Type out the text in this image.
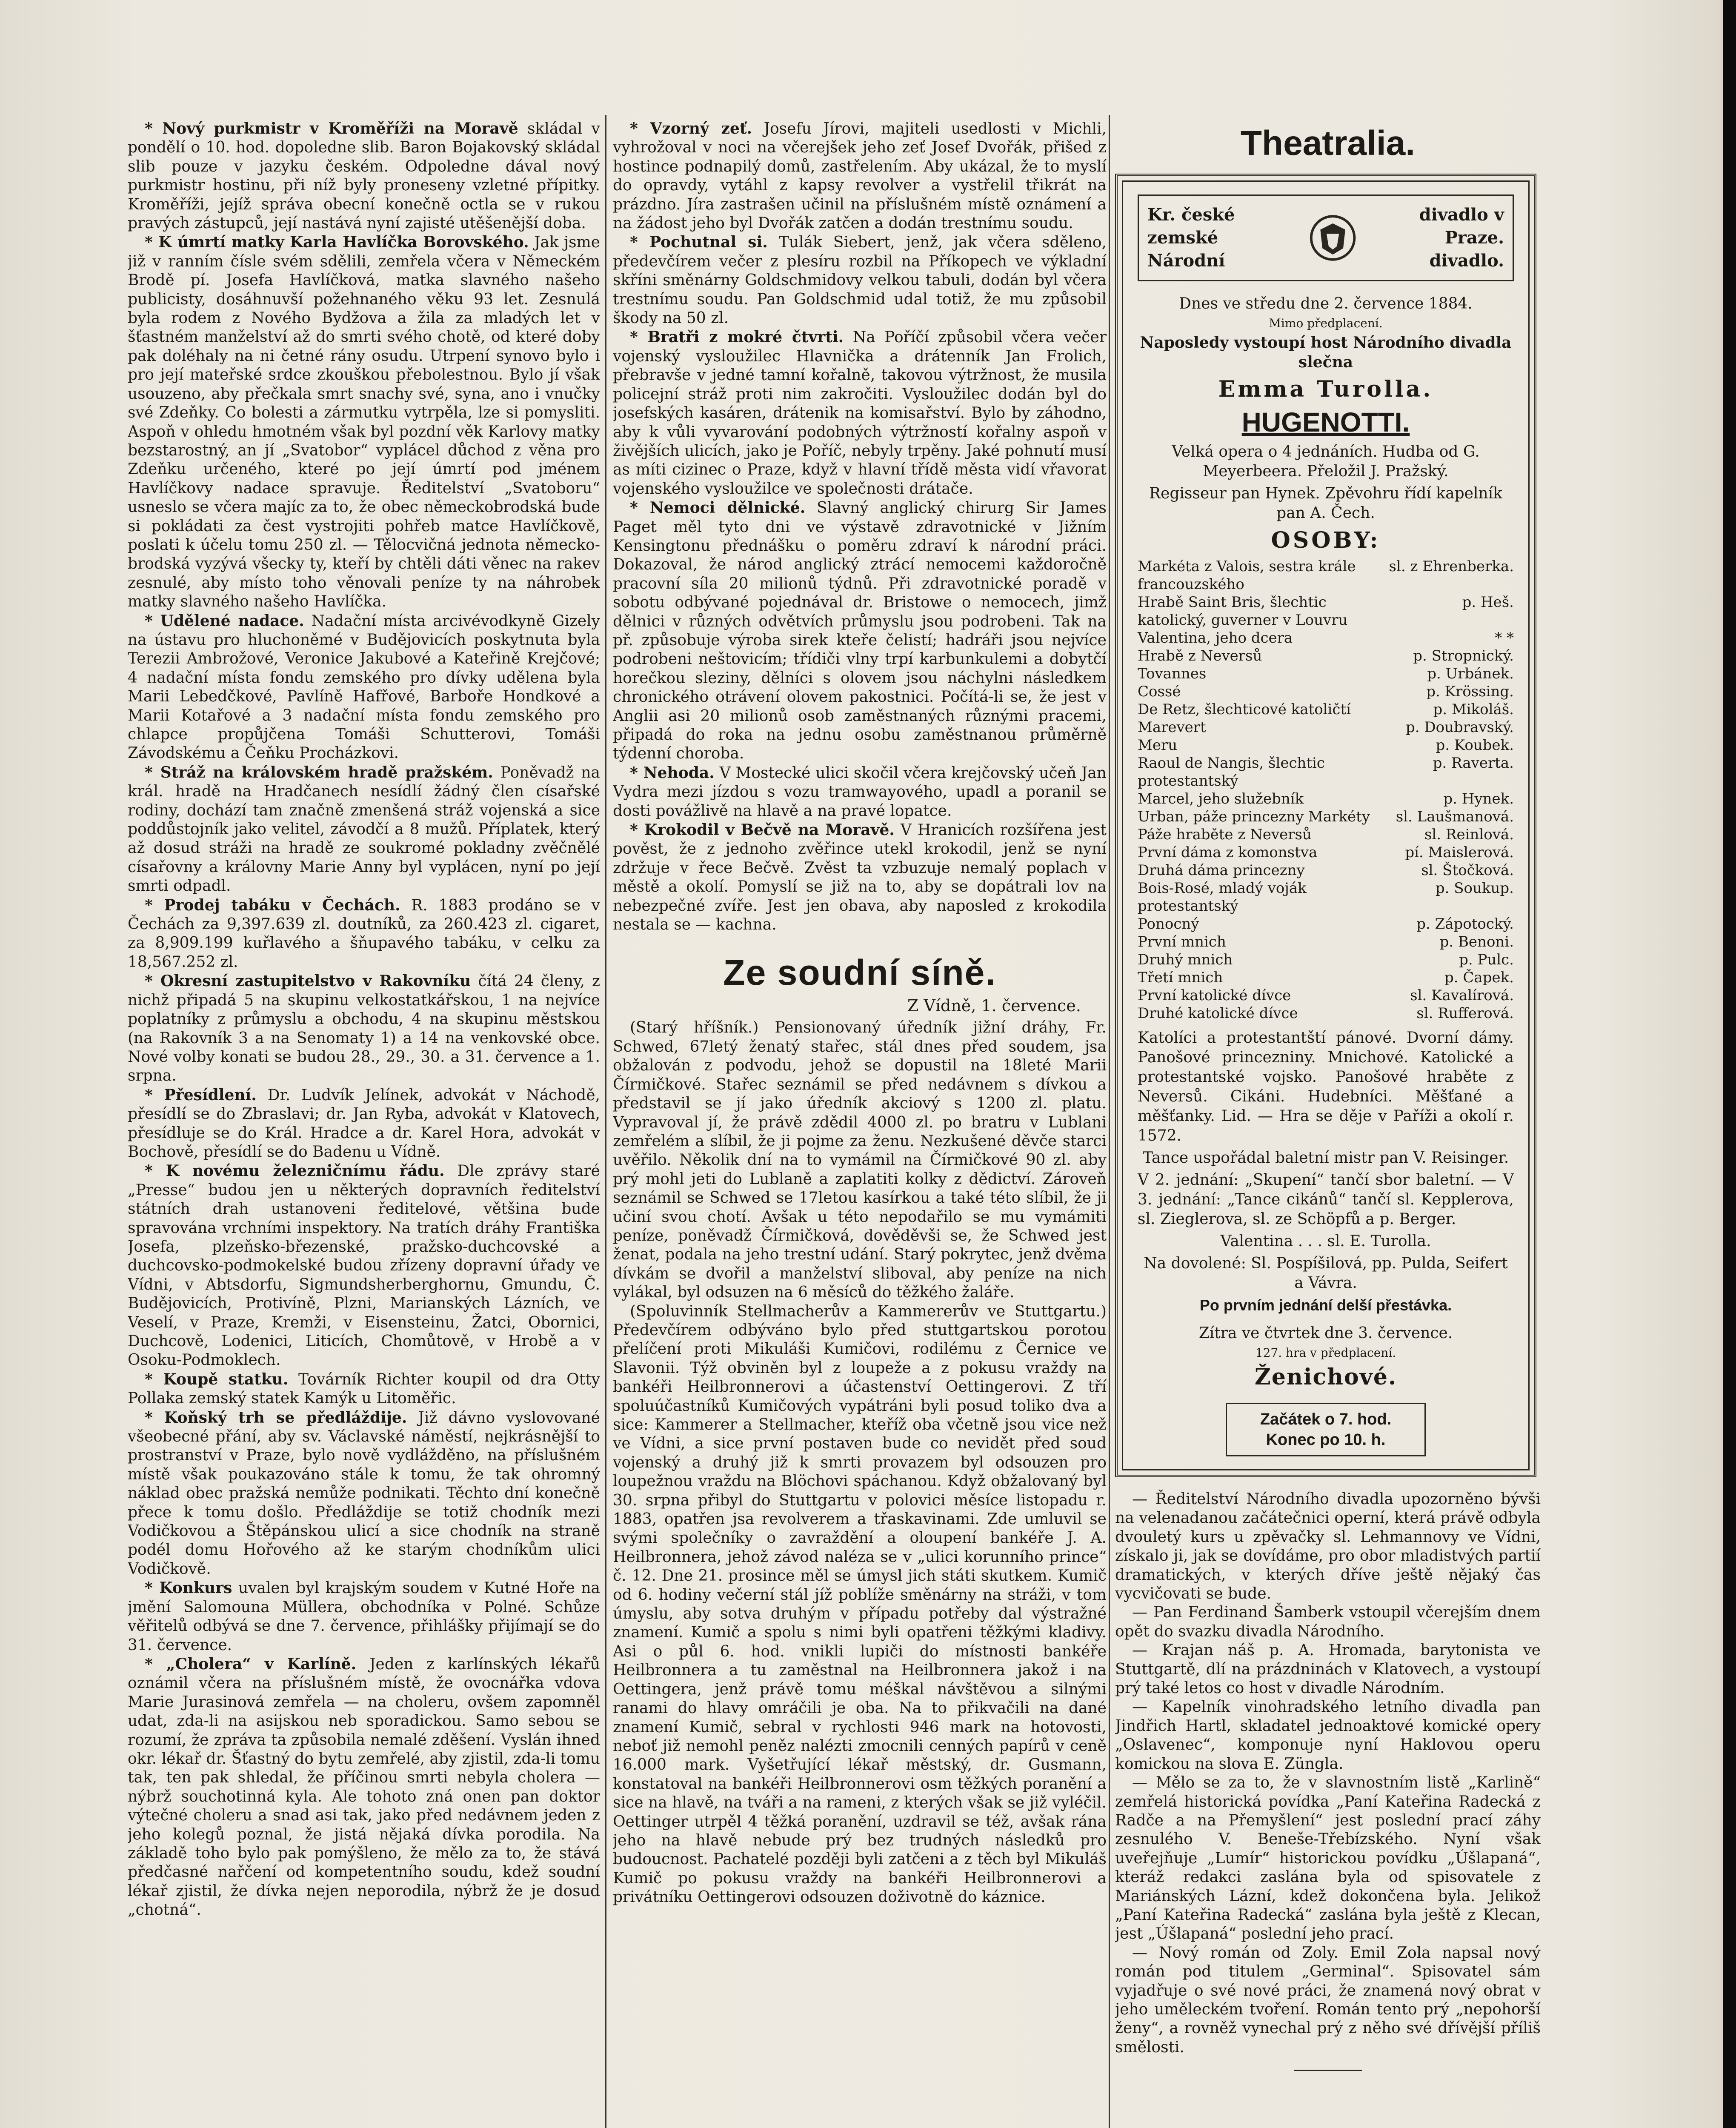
* Nový purkmistr v Kroměříži na Moravě skládal v pondělí o 10. hod. dopoledne slib. Baron Bojakovský skládal slib pouze v jazyku českém. Odpoledne dával nový purkmistr hostinu, při níž byly proneseny vzletné přípitky. Kroměříži, jejíž správa obecní konečně octla se v rukou pravých zástupců, její nastává nyní zajisté utěšenější doba.

* K úmrtí matky Karla Havlíčka Borovského. Jak jsme již v ranním čísle svém sdělili, zemřela včera v Německém Brodě pí. Josefa Havlíčková, matka slavného našeho publicisty, dosáhnuvší požehnaného věku 93 let. Zesnulá byla rodem z Nového Bydžova a žila za mladých let v šťastném manželství až do smrti svého chotě, od které doby pak doléhaly na ni četné rány osudu. Utrpení synovo bylo i pro její mateřské srdce zkouškou přebolestnou. Bylo jí však usouzeno, aby přečkala smrt snachy své, syna, ano i vnučky své Zdeňky. Co bolesti a zármutku vytrpěla, lze si pomysliti. Aspoň v ohledu hmotném však byl pozdní věk Karlovy matky bezstarostný, an jí „Svatobor“ vyplácel důchod z věna pro Zdeňku určeného, které po její úmrtí pod jménem Havlíčkovy nadace spravuje. Ředitelství „Svatoboru“ usneslo se včera majíc za to, že obec německobrodská bude si pokládati za čest vystrojiti pohřeb matce Havlíčkově, poslati k účelu tomu 250 zl. — Tělocvičná jednota německo-brodská vyzývá všecky ty, kteří by chtěli dáti věnec na rakev zesnulé, aby místo toho věnovali peníze ty na náhrobek matky slavného našeho Havlíčka.

* Udělené nadace. Nadační místa arcivévodkyně Gizely na ústavu pro hluchoněmé v Budějovicích poskytnuta byla Terezii Ambrožové, Veronice Jakubové a Kateřině Krejčové; 4 nadační místa fondu zemského pro dívky udělena byla Marii Lebedčkové, Pavlíně Hafřové, Barboře Hondkové a Marii Kotařové a 3 nadační místa fondu zemského pro chlapce propůjčena Tomáši Schutterovi, Tomáši Závodskému a Čeňku Procházkovi.

* Stráž na královském hradě pražském. Poněvadž na král. hradě na Hradčanech nesídlí žádný člen císařské rodiny, dochází tam značně zmenšená stráž vojenská a sice poddůstojník jako velitel, závodčí a 8 mužů. Příplatek, který až dosud stráži na hradě ze soukromé pokladny zvěčnělé císařovny a královny Marie Anny byl vyplácen, nyní po její smrti odpadl.

* Prodej tabáku v Čechách. R. 1883 prodáno se v Čechách za 9,397.639 zl. doutníků, za 260.423 zl. cigaret, za 8,909.199 kuřlavého a šňupavého tabáku, v celku za 18,567.252 zl.

* Okresní zastupitelstvo v Rakovníku čítá 24 členy, z nichž připadá 5 na skupinu velkostatkářskou, 1 na nejvíce poplatníky z průmyslu a obchodu, 4 na skupinu městskou (na Rakovník 3 a na Senomaty 1) a 14 na venkovské obce. Nové volby konati se budou 28., 29., 30. a 31. července a 1. srpna.

* Přesídlení. Dr. Ludvík Jelínek, advokát v Náchodě, přesídlí se do Zbraslavi; dr. Jan Ryba, advokát v Klatovech, přesídluje se do Král. Hradce a dr. Karel Hora, advokát v Bochově, přesídlí se do Badenu u Vídně.

* K novému železničnímu řádu. Dle zprávy staré „Presse“ budou jen u některých dopravních ředitelství státních drah ustanoveni ředitelové, většina bude spravována vrchními inspektory. Na tratích dráhy Františka Josefa, plzeňsko-březenské, pražsko-duchcovské a duchcovsko-podmokelské budou zřízeny dopravní úřady ve Vídni, v Abtsdorfu, Sigmundsherberghornu, Gmundu, Č. Budějovicích, Protivíně, Plzni, Marianských Lázních, ve Veselí, v Praze, Kremži, v Eisensteinu, Žatci, Obornici, Duchcově, Lodenici, Liticích, Chomůtově, v Hrobě a v Osoku-Podmoklech.

* Koupě statku. Továrník Richter koupil od dra Otty Pollaka zemský statek Kamýk u Litoměřic.

* Koňský trh se předláždije. Již dávno vyslovované všeobecné přání, aby sv. Václavské náměstí, nejkrásnější to prostranství v Praze, bylo nově vydlážděno, na příslušném místě však poukazováno stále k tomu, že tak ohromný náklad obec pražská nemůže podnikati. Těchto dní konečně přece k tomu došlo. Předláždije se totiž chodník mezi Vodičkovou a Štěpánskou ulicí a sice chodník na straně podél domu Hořového až ke starým chodníkům ulici Vodičkově.

* Konkurs uvalen byl krajským soudem v Kutné Hoře na jmění Salomouna Müllera, obchodníka v Polné. Schůze věřitelů odbývá se dne 7. července, přihlášky přijímají se do 31. července.

* „Cholera“ v Karlíně. Jeden z karlínských lékařů oznámil včera na příslušném místě, že ovocnářka vdova Marie Jurasinová zemřela — na choleru, ovšem zapomněl udat, zda-li na asijskou neb sporadickou. Samo sebou se rozumí, že zpráva ta způsobila nemalé zděšení. Vyslán ihned okr. lékař dr. Šťastný do bytu zemřelé, aby zjistil, zda-li tomu tak, ten pak shledal, že příčinou smrti nebyla cholera — nýbrž souchotinná kyla. Ale tohoto zná onen pan doktor výtečné choleru a snad asi tak, jako před nedávnem jeden z jeho kolegů poznal, že jistá nějaká dívka porodila. Na základě toho bylo pak pomýšleno, že mělo za to, že stává předčasné nařčení od kompetentního soudu, kdež soudní lékař zjistil, že dívka nejen neporodila, nýbrž že je dosud „chotná“.

* Vzorný zeť. Josefu Jírovi, majiteli usedlosti v Michli, vyhrožoval v noci na včerejšek jeho zeť Josef Dvořák, přišed z hostince podnapilý domů, zastřelením. Aby ukázal, že to myslí do opravdy, vytáhl z kapsy revolver a vystřelil třikrát na prázdno. Jíra zastrašen učinil na příslušném místě oznámení a na žádost jeho byl Dvořák zatčen a dodán trestnímu soudu.

* Pochutnal si. Tulák Siebert, jenž, jak včera sděleno, předevčírem večer z plesíru rozbil na Příkopech ve výkladní skříni směnárny Goldschmidovy velkou tabuli, dodán byl včera trestnímu soudu. Pan Goldschmid udal totiž, že mu způsobil škody na 50 zl.

* Bratři z mokré čtvrti. Na Poříčí způsobil včera večer vojenský vysloužilec Hlavnička a drátenník Jan Frolich, přebravše v jedné tamní kořalně, takovou výtržnost, že musila policejní stráž proti nim zakročiti. Vysloužilec dodán byl do josefských kasáren, drátenik na komisařství. Bylo by záhodno, aby k vůli vyvarování podobných výtržností kořalny aspoň v živějších ulicích, jako je Poříč, nebyly trpěny. Jaké pohnutí musí as míti cizinec o Praze, když v hlavní třídě města vidí vřavorat vojenského vysloužilce ve společnosti drátače.

* Nemoci dělnické. Slavný anglický chirurg Sir James Paget měl tyto dni ve výstavě zdravotnické v Jižním Kensingtonu přednášku o poměru zdraví k národní práci. Dokazoval, že národ anglický ztrácí nemocemi každoročně pracovní síla 20 milionů týdnů. Při zdravotnické poradě v sobotu odbývané pojednával dr. Bristowe o nemocech, jimž dělnici v různých odvětvích průmyslu jsou podrobeni. Tak na př. způsobuje výroba sirek kteře čelistí; hadráři jsou nejvíce podrobeni neštovicím; třídiči vlny trpí karbunkulemi a dobytčí horečkou sleziny, dělníci s olovem jsou náchylni následkem chronického otrávení olovem pakostnici. Počítá-li se, že jest v Anglii asi 20 milionů osob zaměstnaných různými pracemi, připadá do roka na jednu osobu zaměstnanou průměrně týdenní choroba.

* Nehoda. V Mostecké ulici skočil včera krejčovský učeň Jan Vydra mezi jízdou s vozu tramwayového, upadl a poranil se dosti povážlivě na hlavě a na pravé lopatce.

* Krokodil v Bečvě na Moravě. V Hranicích rozšířena jest pověst, že z jednoho zvěřince utekl krokodil, jenž se nyní zdržuje v řece Bečvě. Zvěst ta vzbuzuje nemalý poplach v městě a okolí. Pomyslí se již na to, aby se dopátrali lov na nebezpečné zvíře. Jest jen obava, aby naposled z krokodila nestala se — kachna.

Ze soudní síně.
Z Vídně, 1. července.

(Starý hříšník.) Pensionovaný úředník jižní dráhy, Fr. Schwed, 67letý ženatý stařec, stál dnes před soudem, jsa obžalován z podvodu, jehož se dopustil na 18leté Marii Čírmičkové. Stařec seznámil se před nedávnem s dívkou a představil se jí jako úředník akciový s 1200 zl. platu. Vypravoval jí, že právě zdědil 4000 zl. po bratru v Lublani zemřelém a slíbil, že ji pojme za ženu. Nezkušené děvče starci uvěřilo. Několik dní na to vymámil na Čírmičkové 90 zl. aby prý mohl jeti do Lublaně a zaplatiti kolky z dědictví. Zároveň seznámil se Schwed se 17letou kasírkou a také této slíbil, že ji učiní svou chotí. Avšak u této nepodařilo se mu vymámiti peníze, poněvadž Čírmičková, dověděvši se, že Schwed jest ženat, podala na jeho trestní udání. Starý pokrytec, jenž dvěma dívkám se dvořil a manželství sliboval, aby peníze na nich vylákal, byl odsuzen na 6 měsíců do těžkého žaláře.

(Spoluvinník Stellmacherův a Kammererův ve Stuttgartu.) Předevčírem odbýváno bylo před stuttgartskou porotou přelíčení proti Mikuláši Kumičovi, rodilému z Černice ve Slavonii. Týž obviněn byl z loupeže a z pokusu vraždy na bankéři Heilbronnerovi a účastenství Oettingerovi. Z tří spoluúčastníků Kumičových vypátráni byli posud toliko dva a sice: Kammerer a Stellmacher, kteříž oba včetně jsou vice než ve Vídni, a sice první postaven bude co nevidět před soud vojenský a druhý již k smrti provazem byl odsouzen pro loupežnou vraždu na Blöchovi spáchanou. Když obžalovaný byl 30. srpna přibyl do Stuttgartu v polovici měsíce listopadu r. 1883, opatřen jsa revolverem a třaskavinami. Zde umluvil se svými společníky o zavraždění a oloupení bankéře J. A. Heilbronnera, jehož závod naléza se v „ulici korunního prince“ č. 12. Dne 21. prosince měl se úmysl jich státi skutkem. Kumič od 6. hodiny večerní stál jíž poblíže směnárny na stráži, v tom úmyslu, aby sotva druhým v případu potřeby dal výstražné znamení. Kumič a spolu s nimi byli opatřeni těžkými kladivy. Asi o půl 6. hod. vnikli lupiči do místnosti bankéře Heilbronnera a tu zaměstnal na Heilbronnera jakož i na Oettingera, jenž právě tomu méškal návštěvou a silnými ranami do hlavy omráčili je oba. Na to přikvačili na dané znamení Kumič, sebral v rychlosti 946 mark na hotovosti, neboť již nemohl peněz nalézti zmocnili cenných papírů v ceně 16.000 mark. Vyšetřující lékař městský, dr. Gusmann, konstatoval na bankéři Heilbronnerovi osm těžkých poranění a sice na hlavě, na tváři a na rameni, z kterých však se již vyléčil. Oettinger utrpěl 4 těžká poranění, uzdravil se též, avšak rána jeho na hlavě nebude prý bez trudných následků pro budoucnost. Pachatelé později byli zatčeni a z těch byl Mikuláš Kumič po pokusu vraždy na bankéři Heilbronnerovi a privátníku Oettingerovi odsouzen doživotně do káznice.

Theatralia.
Kr. české zemské
Národní
divadlo v Praze.
divadlo.
Dnes ve středu dne 2. července 1884.
Mimo předplacení.
Naposledy vystoupí host Národního divadla slečna
Emma Turolla.
HUGENOTTI.
Velká opera o 4 jednáních. Hudba od G. Meyerbeera. Přeložil J. Pražský.
Regisseur pan Hynek. Zpěvohru řídí kapelník pan A. Čech.
OSOBY:
Markéta z Valois, sestra krále francouzského	sl. z Ehrenberka.
Hrabě Saint Bris, šlechtic katolický, guverner v Louvru	p. Heš.
Valentina, jeho dcera	* *
Hrabě z Neversů	p. Stropnický.
Tovannes	p. Urbánek.
Cossé	p. Krössing.
De Retz, šlechticové katoličtí	p. Mikoláš.
Marevert	p. Doubravský.
Meru	p. Koubek.
Raoul de Nangis, šlechtic protestantský	p. Raverta.
Marcel, jeho služebník	p. Hynek.
Urban, páže princezny Markéty	sl. Laušmanová.
Páže hraběte z Neversů	sl. Reinlová.
První dáma z komonstva	pí. Maislerová.
Druhá dáma princezny	sl. Štočková.
Bois-Rosé, mladý voják protestantský	p. Soukup.
Ponocný	p. Zápotocký.
První mnich	p. Benoni.
Druhý mnich	p. Pulc.
Třetí mnich	p. Čapek.
První katolické dívce	sl. Kavalírová.
Druhé katolické dívce	sl. Rufferová.
Katolíci a protestantští pánové. Dvorní dámy. Panošové princezniny. Mnichové. Katolické a protestantské vojsko. Panošové hraběte z Neversů. Cikáni. Hudebníci. Měšťané a měšťanky. Lid. — Hra se děje v Paříži a okolí r. 1572.
Tance uspořádal baletní mistr pan V. Reisinger.
V 2. jednání: „Skupení“ tančí sbor baletní. — V 3. jednání: „Tance cikánů“ tančí sl. Kepplerova, sl. Zieglerova, sl. ze Schöpfů a p. Berger.
Valentina . . . sl. E. Turolla.
Na dovolené: Sl. Pospíšilová, pp. Pulda, Seifert a Vávra.
Po prvním jednání delší přestávka.
Zítra ve čtvrtek dne 3. července.
127. hra v předplacení.
Ženichové.
Začátek o 7. hod.
Konec po 10. h.

— Ředitelství Národního divadla upozorněno bývši na velenadanou začátečnici operní, která právě odbyla dvouletý kurs u zpěvačky sl. Lehmannovy ve Vídni, získalo ji, jak se dovídáme, pro obor mladistvých partií dramatických, v kterých dříve ještě nějaký čas vycvičovati se bude.

— Pan Ferdinand Šamberk vstoupil včerejším dnem opět do svazku divadla Národního.

— Krajan náš p. A. Hromada, barytonista ve Stuttgartě, dlí na prázdninách v Klatovech, a vystoupí prý také letos co host v divadle Národním.

— Kapelník vinohradského letního divadla pan Jindřich Hartl, skladatel jednoaktové komické opery „Oslavenec“, komponuje nyní Haklovou operu komickou na slova E. Züngla.

— Mělo se za to, že v slavnostním listě „Karlině“ zemřelá historická povídka „Paní Kateřina Radecká z Radče a na Přemyšlení“ jest poslední prací záhy zesnulého V. Beneše-Třebízského. Nyní však uveřejňuje „Lumír“ historickou povídku „Úšlapaná“, kteráž redakci zaslána byla od spisovatele z Mariánských Lázní, kdež dokončena byla. Jelikož „Paní Kateřina Radecká“ zaslána byla ještě z Klecan, jest „Úšlapaná“ poslední jeho prací.

— Nový román od Zoly. Emil Zola napsal nový román pod titulem „Germinal“. Spisovatel sám vyjadřuje o své nové práci, že znamená nový obrat v jeho uměleckém tvoření. Román tento prý „nepohorší ženy“, a rovněž vynechal prý z něho své dřívější příliš smělosti.
